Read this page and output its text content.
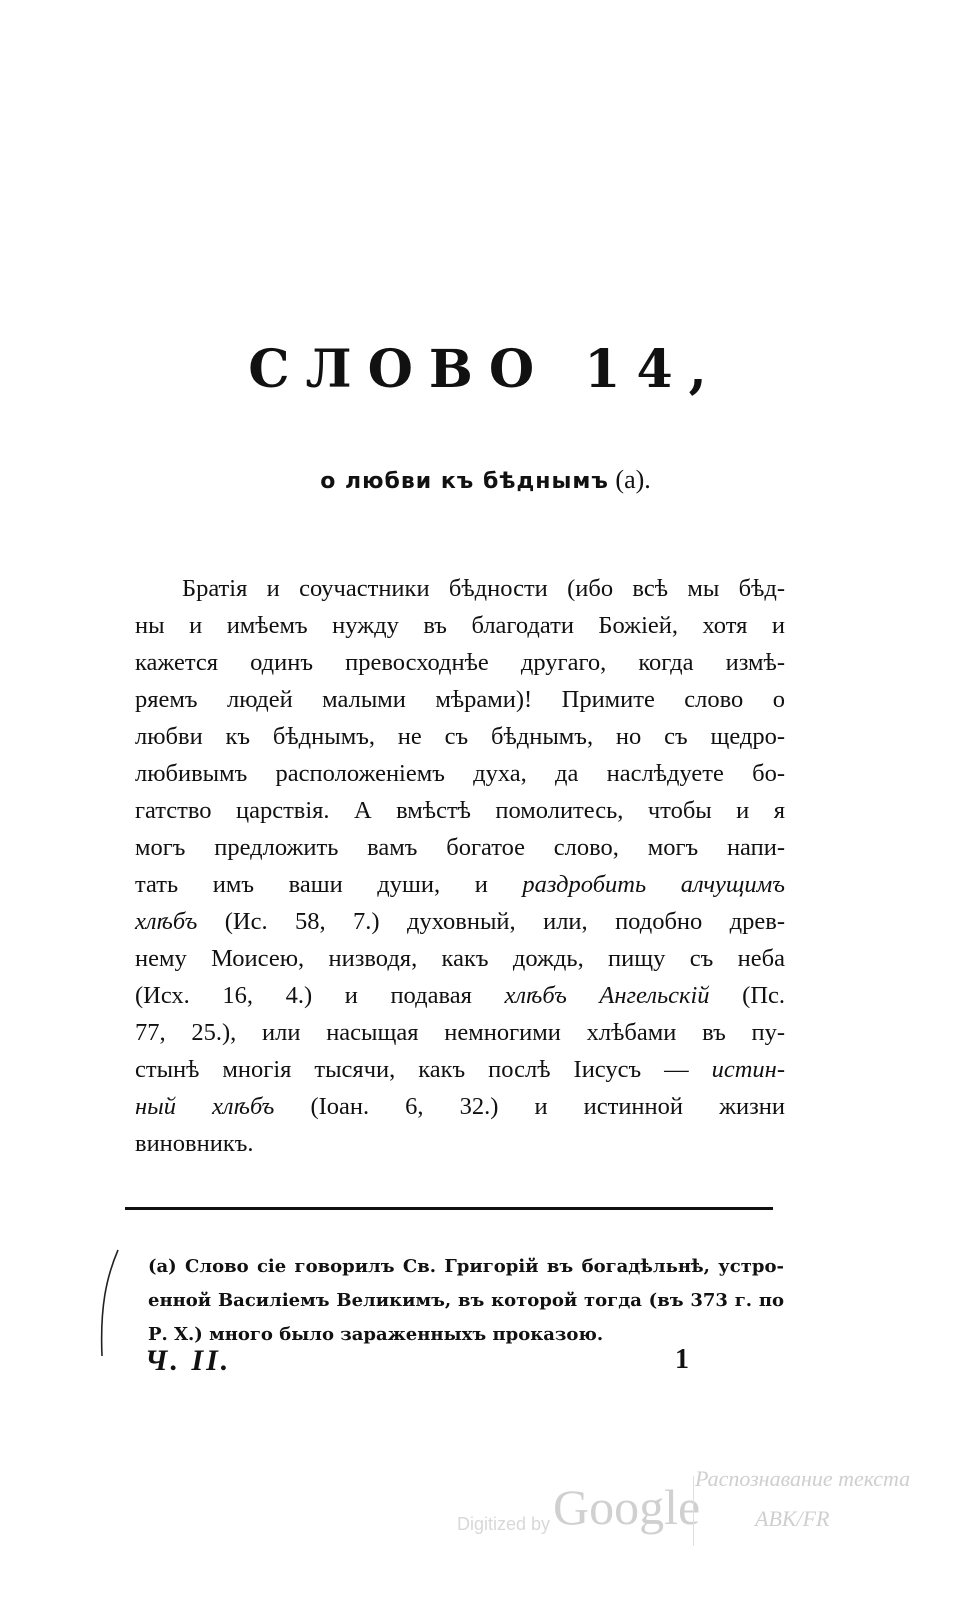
СЛОВО 14,
о любви къ бѣднымъ (а).
Братія и соучастники бѣдности (ибо всѣ мы бѣд-
ны и имѣемъ нужду въ благодати Божіей, хотя и
кажется одинъ превосходнѣе другаго, когда измѣ-
ряемъ людей малыми мѣрами)! Примите слово о
любви къ бѣднымъ, не съ бѣднымъ, но съ щедро-
любивымъ расположеніемъ духа, да наслѣдуете бо-
гатство царствія. А вмѣстѣ помолитесь, чтобы и я
могъ предложить вамъ богатое слово, могъ напи-
тать имъ ваши души, и раздробить алчущимъ
хлѣбъ (Ис. 58, 7.) духовный, или, подобно древ-
нему Моисею, низводя, какъ дождь, пищу съ неба
(Исх. 16, 4.) и подавая хлѣбъ Ангельскій (Пс.
77, 25.), или насыщая немногими хлѣбами въ пу-
стынѣ многія тысячи, какъ послѣ Іисусъ — истин-
ный хлѣбъ (Іоан. 6, 32.) и истинной жизни
виновникъ.
(а) Слово сіе говорилъ Св. Григорій въ богадѣльнѣ, устро-
енной Василіемъ Великимъ, въ которой тогда (въ 373 г. по
Р. Х.) много было зараженныхъ проказою.
Ч. II.	1
Digitized by Google
Распознавание текста
АВК/FR
